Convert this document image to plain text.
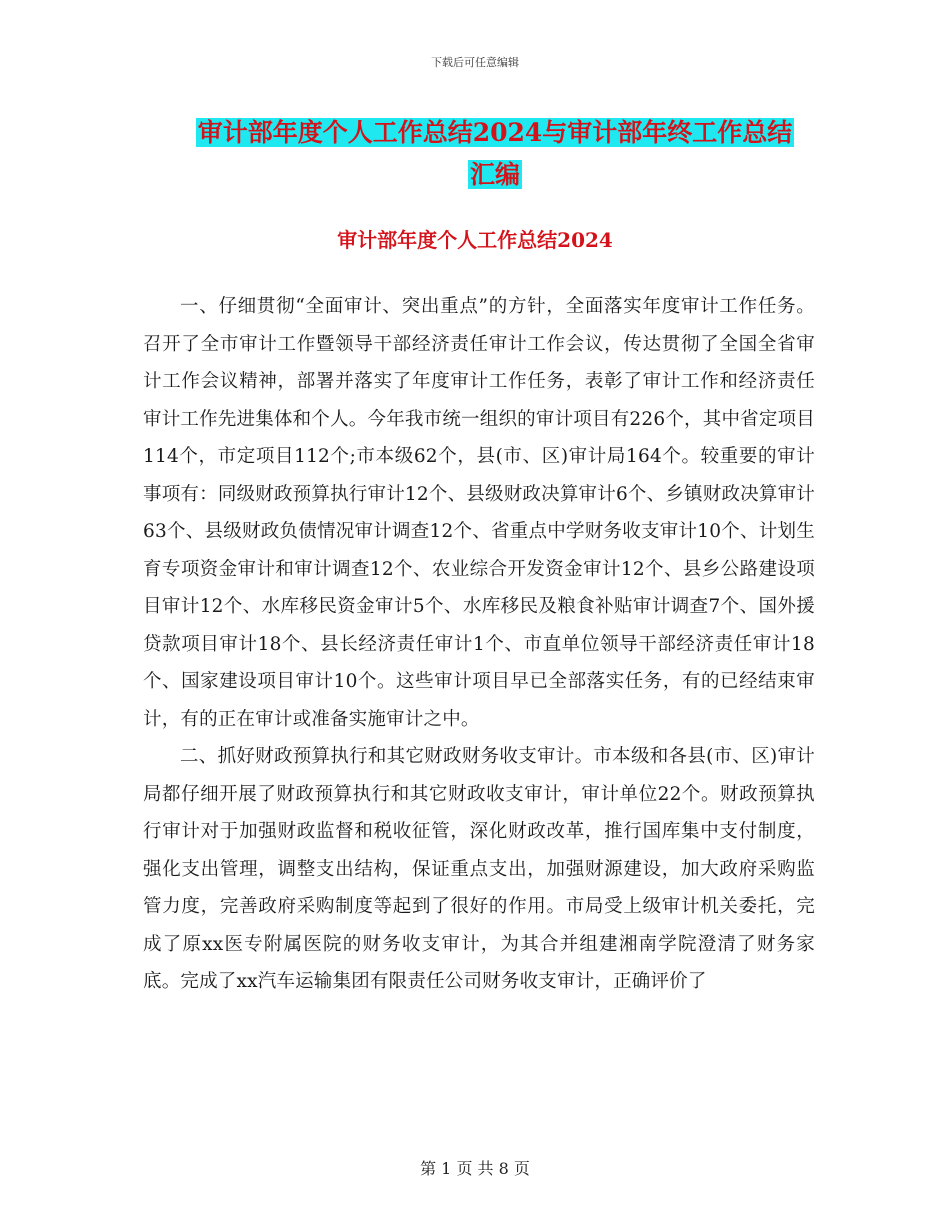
下载后可任意编辑
审计部年度个人工作总结2024与审计部年终工作总结
汇编
审计部年度个人工作总结2024

一、仔细贯彻“全面审计、突出重点”的方针，全面落实年度审计工作任务。召开了全市审计工作暨领导干部经济责任审计工作会议，传达贯彻了全国全省审计工作会议精神，部署并落实了年度审计工作任务，表彰了审计工作和经济责任审计工作先进集体和个人。今年我市统一组织的审计项目有226个，其中省定项目114个，市定项目112个;市本级62个，县(市、区)审计局164个。较重要的审计事项有：同级财政预算执行审计12个、县级财政决算审计6个、乡镇财政决算审计63个、县级财政负债情况审计调查12个、省重点中学财务收支审计10个、计划生育专项资金审计和审计调查12个、农业综合开发资金审计12个、县乡公路建设项目审计12个、水库移民资金审计5个、水库移民及粮食补贴审计调查7个、国外援贷款项目审计18个、县长经济责任审计1个、市直单位领导干部经济责任审计18个、国家建设项目审计10个。这些审计项目早已全部落实任务，有的已经结束审计，有的正在审计或准备实施审计之中。

二、抓好财政预算执行和其它财政财务收支审计。市本级和各县(市、区)审计局都仔细开展了财政预算执行和其它财政收支审计，审计单位22个。财政预算执行审计对于加强财政监督和税收征管，深化财政改革，推行国库集中支付制度，强化支出管理，调整支出结构，保证重点支出，加强财源建设，加大政府采购监管力度，完善政府采购制度等起到了很好的作用。市局受上级审计机关委托，完成了原xx医专附属医院的财务收支审计，为其合并组建湘南学院澄清了财务家底。完成了xx汽车运输集团有限责任公司财务收支审计，正确评价了

第 1 页 共 8 页
